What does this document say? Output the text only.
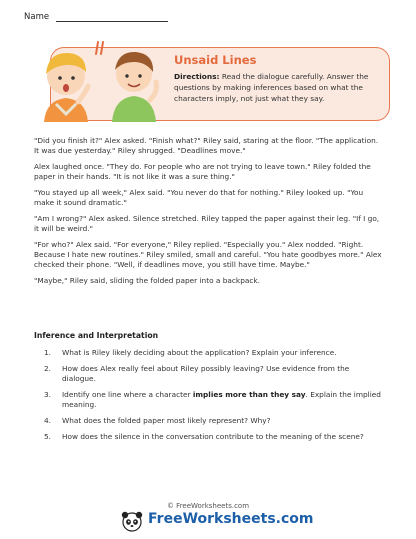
Name
Unsaid Lines
Directions: Read the dialogue carefully. Answer the questions by making inferences based on what the characters imply, not just what they say.

"Did you finish it?" Alex asked. "Finish what?" Riley said, staring at the floor. "The application. It was due yesterday." Riley shrugged. "Deadlines move."

Alex laughed once. "They do. For people who are not trying to leave town." Riley folded the paper in their hands. "It is not like it was a sure thing."

"You stayed up all week," Alex said. "You never do that for nothing." Riley looked up. "You make it sound dramatic."

"Am I wrong?" Alex asked. Silence stretched. Riley tapped the paper against their leg. "If I go, it will be weird."

"For who?" Alex said. "For everyone," Riley replied. "Especially you." Alex nodded. "Right. Because I hate new routines." Riley smiled, small and careful. "You hate goodbyes more." Alex checked their phone. "Well, if deadlines move, you still have time. Maybe."

"Maybe," Riley said, sliding the folded paper into a backpack.

Inference and Interpretation
1. What is Riley likely deciding about the application? Explain your inference.
2. How does Alex really feel about Riley possibly leaving? Use evidence from the dialogue.
3. Identify one line where a character implies more than they say. Explain the implied meaning.
4. What does the folded paper most likely represent? Why?
5. How does the silence in the conversation contribute to the meaning of the scene?
© FreeWorksheets.com
FreeWorksheets.com
